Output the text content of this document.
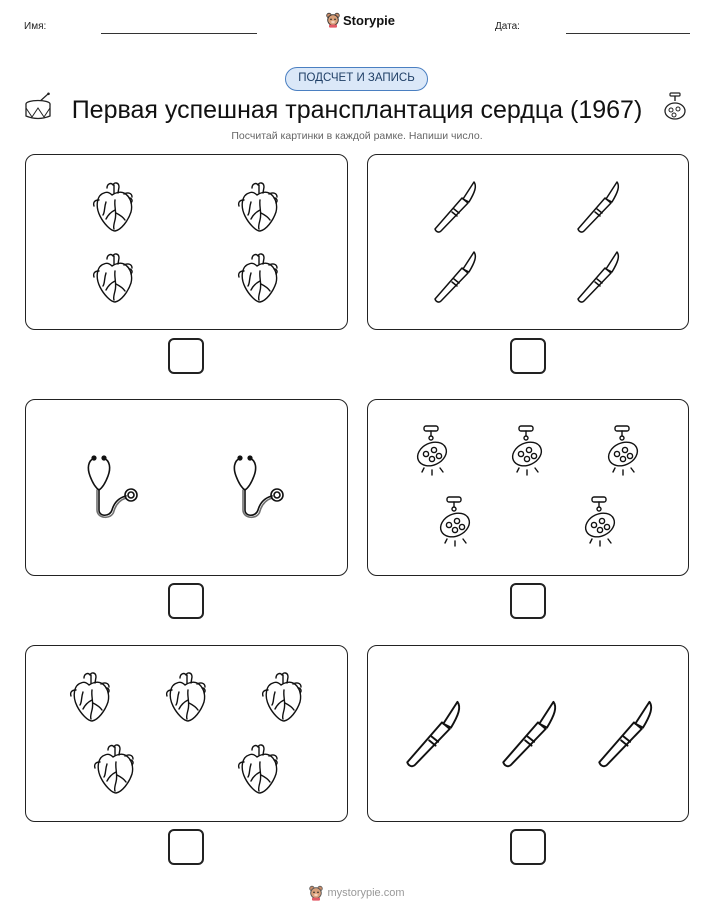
Имя:	Storypie	Дата:
ПОДСЧЕТ И ЗАПИСЬ
Первая успешная трансплантация сердца (1967)
Посчитай картинки в каждой рамке. Напиши число.
mystorypie.com
